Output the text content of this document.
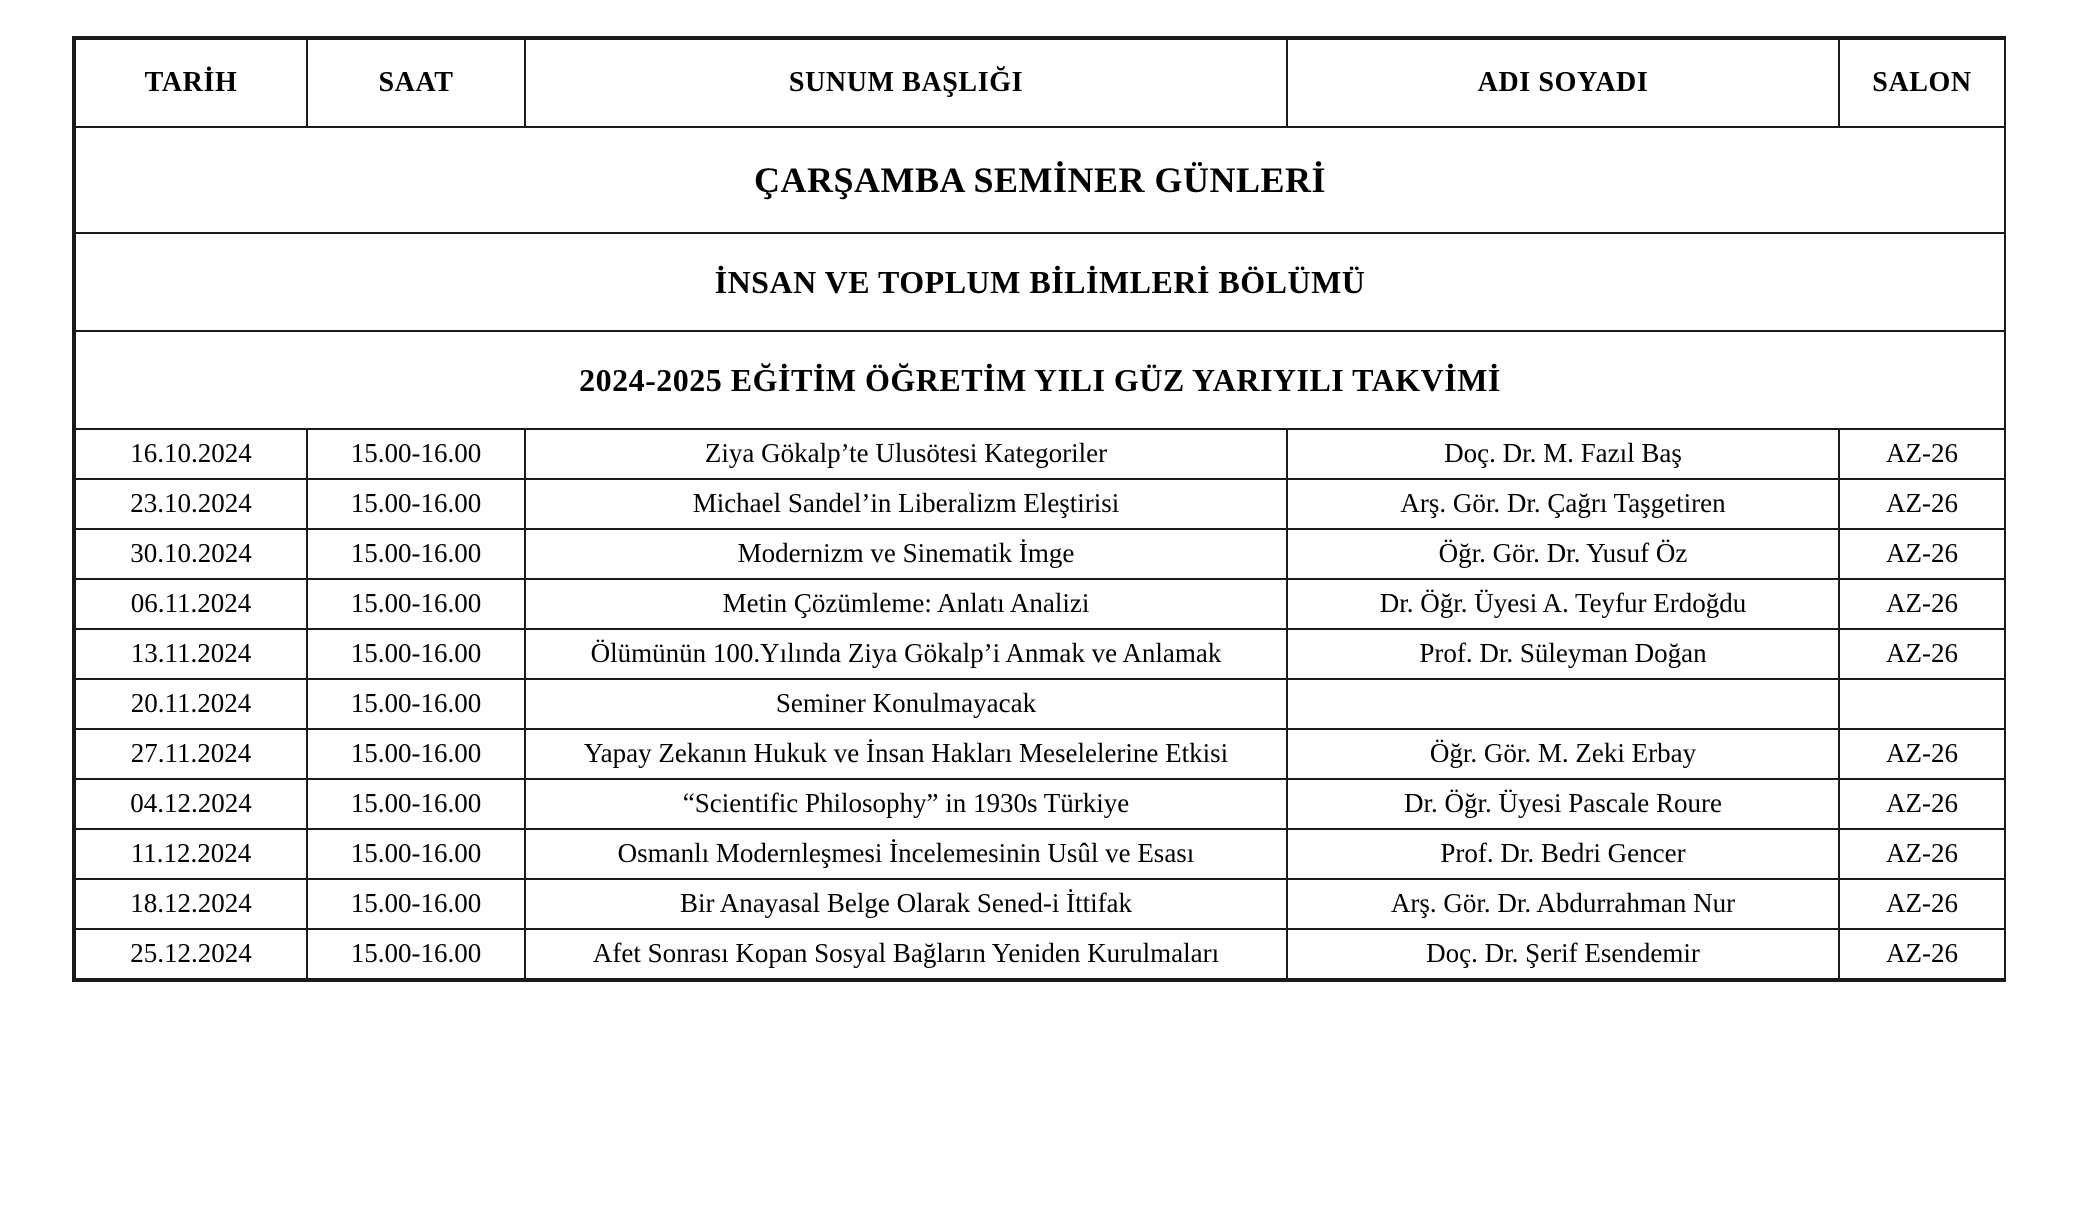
ÇARŞAMBA SEMİNER GÜNLERİ				
İNSAN VE TOPLUM BİLİMLERİ BÖLÜMÜ				
2024-2025 EĞİTİM ÖĞRETİM YILI GÜZ YARIYILI TAKVİMİ				
TARİH	SAAT	SUNUM BAŞLIĞI	ADI SOYADI	SALON
16.10.2024	15.00-16.00	Ziya Gökalp’te Ulusötesi Kategoriler	Doç. Dr. M. Fazıl Baş	AZ-26
23.10.2024	15.00-16.00	Michael Sandel’in Liberalizm Eleştirisi	Arş. Gör. Dr. Çağrı Taşgetiren	AZ-26
30.10.2024	15.00-16.00	Modernizm ve Sinematik İmge	Öğr. Gör. Dr. Yusuf Öz	AZ-26
06.11.2024	15.00-16.00	Metin Çözümleme: Anlatı Analizi	Dr. Öğr. Üyesi A. Teyfur Erdoğdu	AZ-26
13.11.2024	15.00-16.00	Ölümünün 100.Yılında Ziya Gökalp’i Anmak ve Anlamak	Prof. Dr. Süleyman Doğan	AZ-26
20.11.2024	15.00-16.00	Seminer Konulmayacak		
27.11.2024	15.00-16.00	Yapay Zekanın Hukuk ve İnsan Hakları Meselelerine Etkisi	Öğr. Gör. M. Zeki Erbay	AZ-26
04.12.2024	15.00-16.00	“Scientific Philosophy” in 1930s Türkiye	Dr. Öğr. Üyesi Pascale Roure	AZ-26
11.12.2024	15.00-16.00	Osmanlı Modernleşmesi İncelemesinin Usûl ve Esası	Prof. Dr. Bedri Gencer	AZ-26
18.12.2024	15.00-16.00	Bir Anayasal Belge Olarak Sened-i İttifak	Arş. Gör. Dr. Abdurrahman Nur	AZ-26
25.12.2024	15.00-16.00	Afet Sonrası Kopan Sosyal Bağların Yeniden Kurulmaları	Doç. Dr. Şerif Esendemir	AZ-26
